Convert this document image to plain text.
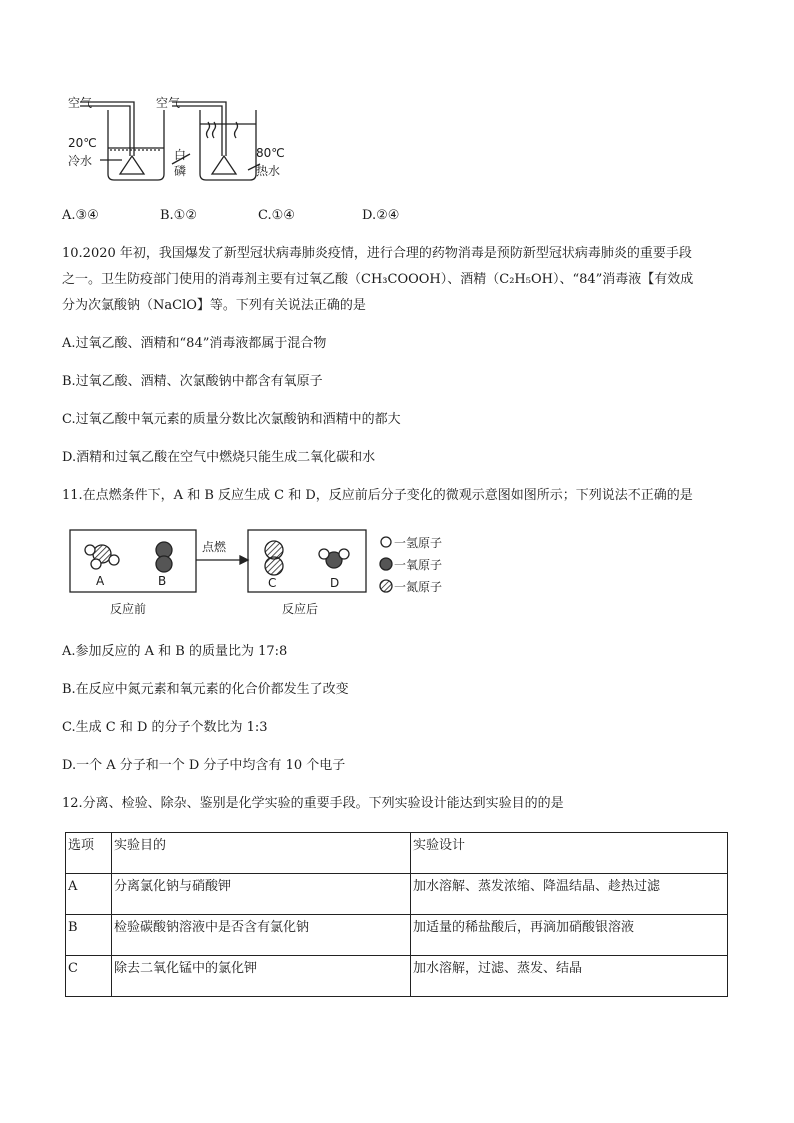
空气	空气
20℃
冷水	白
磷
80℃
热水
A.③④	B.①②	C.①④	D.②④
10.2020 年初，我国爆发了新型冠状病毒肺炎疫情，进行合理的药物消毒是预防新型冠状病毒肺炎的重要手段
之一。卫生防疫部门使用的消毒剂主要有过氧乙酸（CH₃COOOH）、酒精（C₂H₅OH）、“84”消毒液【有效成
分为次氯酸钠（NaClO】等。下列有关说法正确的是
A.过氧乙酸、酒精和“84”消毒液都属于混合物
B.过氧乙酸、酒精、次氯酸钠中都含有氧原子
C.过氧乙酸中氧元素的质量分数比次氯酸钠和酒精中的都大
D.酒精和过氧乙酸在空气中燃烧只能生成二氧化碳和水
11.在点燃条件下，A 和 B 反应生成 C 和 D，反应前后分子变化的微观示意图如图所示；下列说法不正确的是
点燃
A	B	C	D
反应前	反应后
一氢原子
一氧原子
一氮原子
A.参加反应的 A 和 B 的质量比为 17:8
B.在反应中氮元素和氧元素的化合价都发生了改变
C.生成 C 和 D 的分子个数比为 1:3
D.一个 A 分子和一个 D 分子中均含有 10 个电子
12.分离、检验、除杂、鉴别是化学实验的重要手段。下列实验设计能达到实验目的的是
选项	实验目的	实验设计
A	分离氯化钠与硝酸钾	加水溶解、蒸发浓缩、降温结晶、趁热过滤
B	检验碳酸钠溶液中是否含有氯化钠	加适量的稀盐酸后，再滴加硝酸银溶液
C	除去二氧化锰中的氯化钾	加水溶解，过滤、蒸发、结晶
